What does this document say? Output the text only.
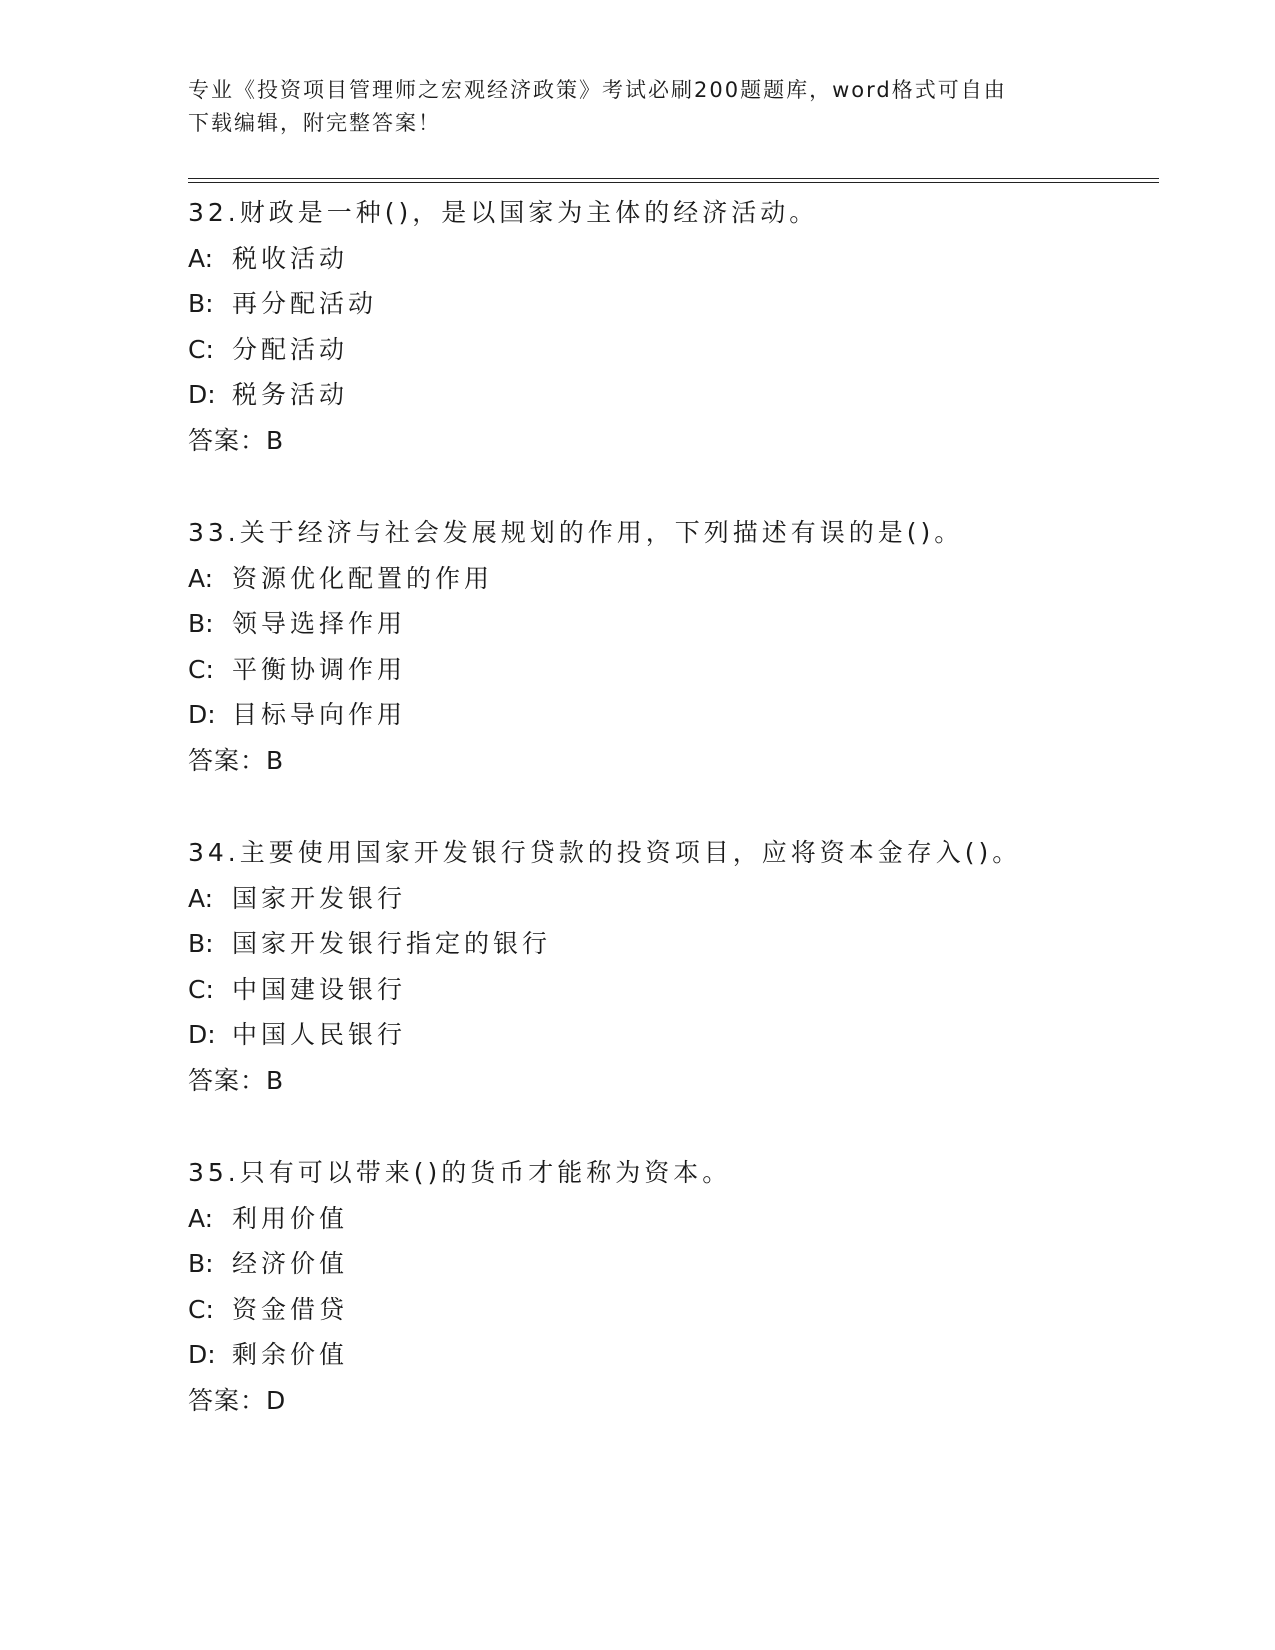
专业《投资项目管理师之宏观经济政策》考试必刷200题题库，word格式可自由
下载编辑，附完整答案！
32.财政是一种()，是以国家为主体的经济活动。
A: 税收活动
B: 再分配活动
C: 分配活动
D: 税务活动
答案：B
33.关于经济与社会发展规划的作用，下列描述有误的是()。
A: 资源优化配置的作用
B: 领导选择作用
C: 平衡协调作用
D: 目标导向作用
答案：B
34.主要使用国家开发银行贷款的投资项目，应将资本金存入()。
A: 国家开发银行
B: 国家开发银行指定的银行
C: 中国建设银行
D: 中国人民银行
答案：B
35.只有可以带来()的货币才能称为资本。
A: 利用价值
B: 经济价值
C: 资金借贷
D: 剩余价值
答案：D
